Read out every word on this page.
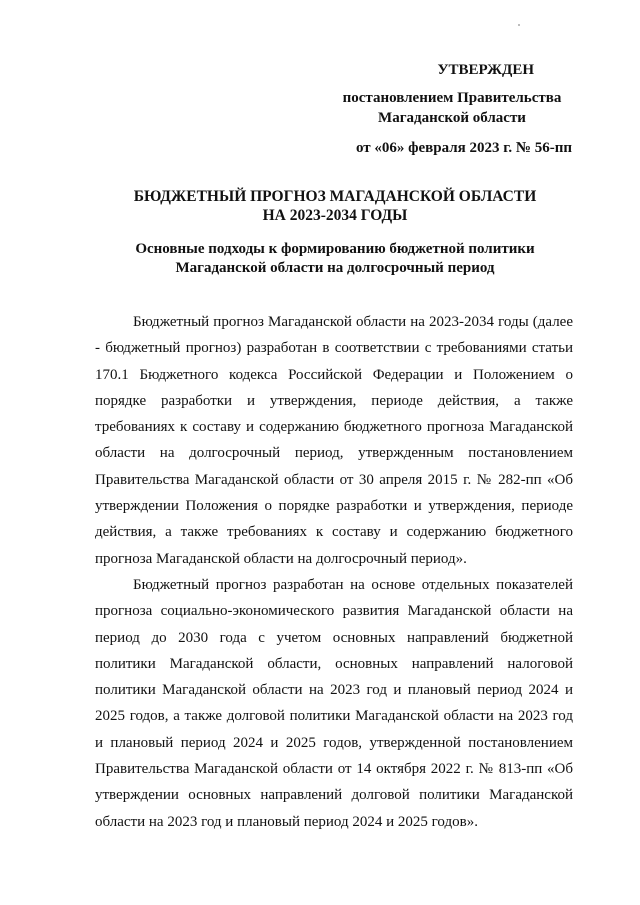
УТВЕРЖДЕН
постановлением Правительства
Магаданской области
от «06» февраля 2023 г. № 56-пп
БЮДЖЕТНЫЙ ПРОГНОЗ МАГАДАНСКОЙ ОБЛАСТИ
НА 2023-2034 ГОДЫ
Основные подходы к формированию бюджетной политики
Магаданской области на долгосрочный период

Бюджетный прогноз Магаданской области на 2023-2034 годы (далее - бюджетный прогноз) разработан в соответствии с требованиями статьи 170.1 Бюджетного кодекса Российской Федерации и Положением о порядке разработки и утверждения, периоде действия, а также требованиях к составу и содержанию бюджетного прогноза Магаданской области на долгосрочный период, утвержденным постановлением Правительства Магаданской области от 30 апреля 2015 г. № 282-пп «Об утверждении Положения о порядке разработки и утверждения, периоде действия, а также требованиях к составу и содержанию бюджетного прогноза Магаданской области на долгосрочный период».

Бюджетный прогноз разработан на основе отдельных показателей прогноза социально-экономического развития Магаданской области на период до 2030 года с учетом основных направлений бюджетной политики Магаданской области, основных направлений налоговой политики Магаданской области на 2023 год и плановый период 2024 и 2025 годов, а также долговой политики Магаданской области на 2023 год и плановый период 2024 и 2025 годов, утвержденной постановлением Правительства Магаданской области от 14 октября 2022 г. № 813-пп «Об утверждении основных направлений долговой политики Магаданской области на 2023 год и плановый период 2024 и 2025 годов».
